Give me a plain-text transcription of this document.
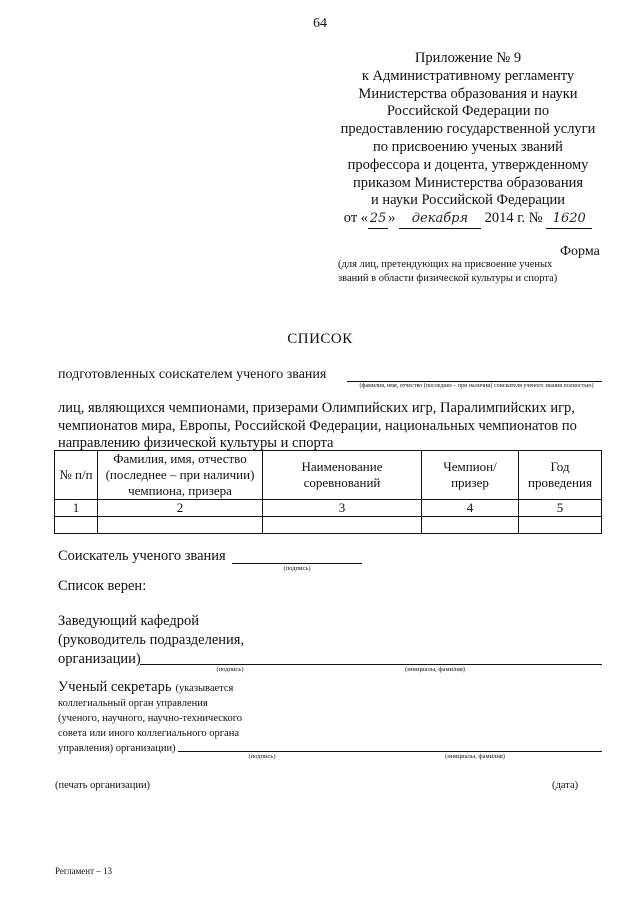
64
Приложение № 9
к Административному регламенту
Министерства образования и науки
Российской Федерации по
предоставлению государственной услуги
по присвоению ученых званий
профессора и доцента, утвержденному
приказом Министерства образования
и науки Российской Федерации
от « 25 » декабря 2014 г. № 1620
Форма
(для лиц, претендующих на присвоение ученых званий в области физической культуры и спорта)
СПИСОК
подготовленных соискателем ученого звания
(фамилия, имя, отчество (последнее – при наличии) соискателя ученого звания полностью)
лиц, являющихся чемпионами, призерами Олимпийских игр, Паралимпийских игр,
чемпионатов мира, Европы, Российской Федерации, национальных чемпионатов по
направлению физической культуры и спорта
№ п/п	Фамилия, имя, отчество (последнее – при наличии) чемпиона, призера	Наименование соревнований	Чемпион/ призер	Год проведения
1	2	3	4	5

Соискатель ученого звания
(подпись)
Список верен:
Заведующий кафедрой
(руководитель подразделения,
организации)
(подпись)	(инициалы, фамилия)
Ученый секретарь (указывается
коллегиальный орган управления
(ученого, научного, научно-технического
совета или иного коллегиального органа
управления) организации)
(подпись)	(инициалы, фамилия)
(печать организации)	(дата)
Регламент – 13
